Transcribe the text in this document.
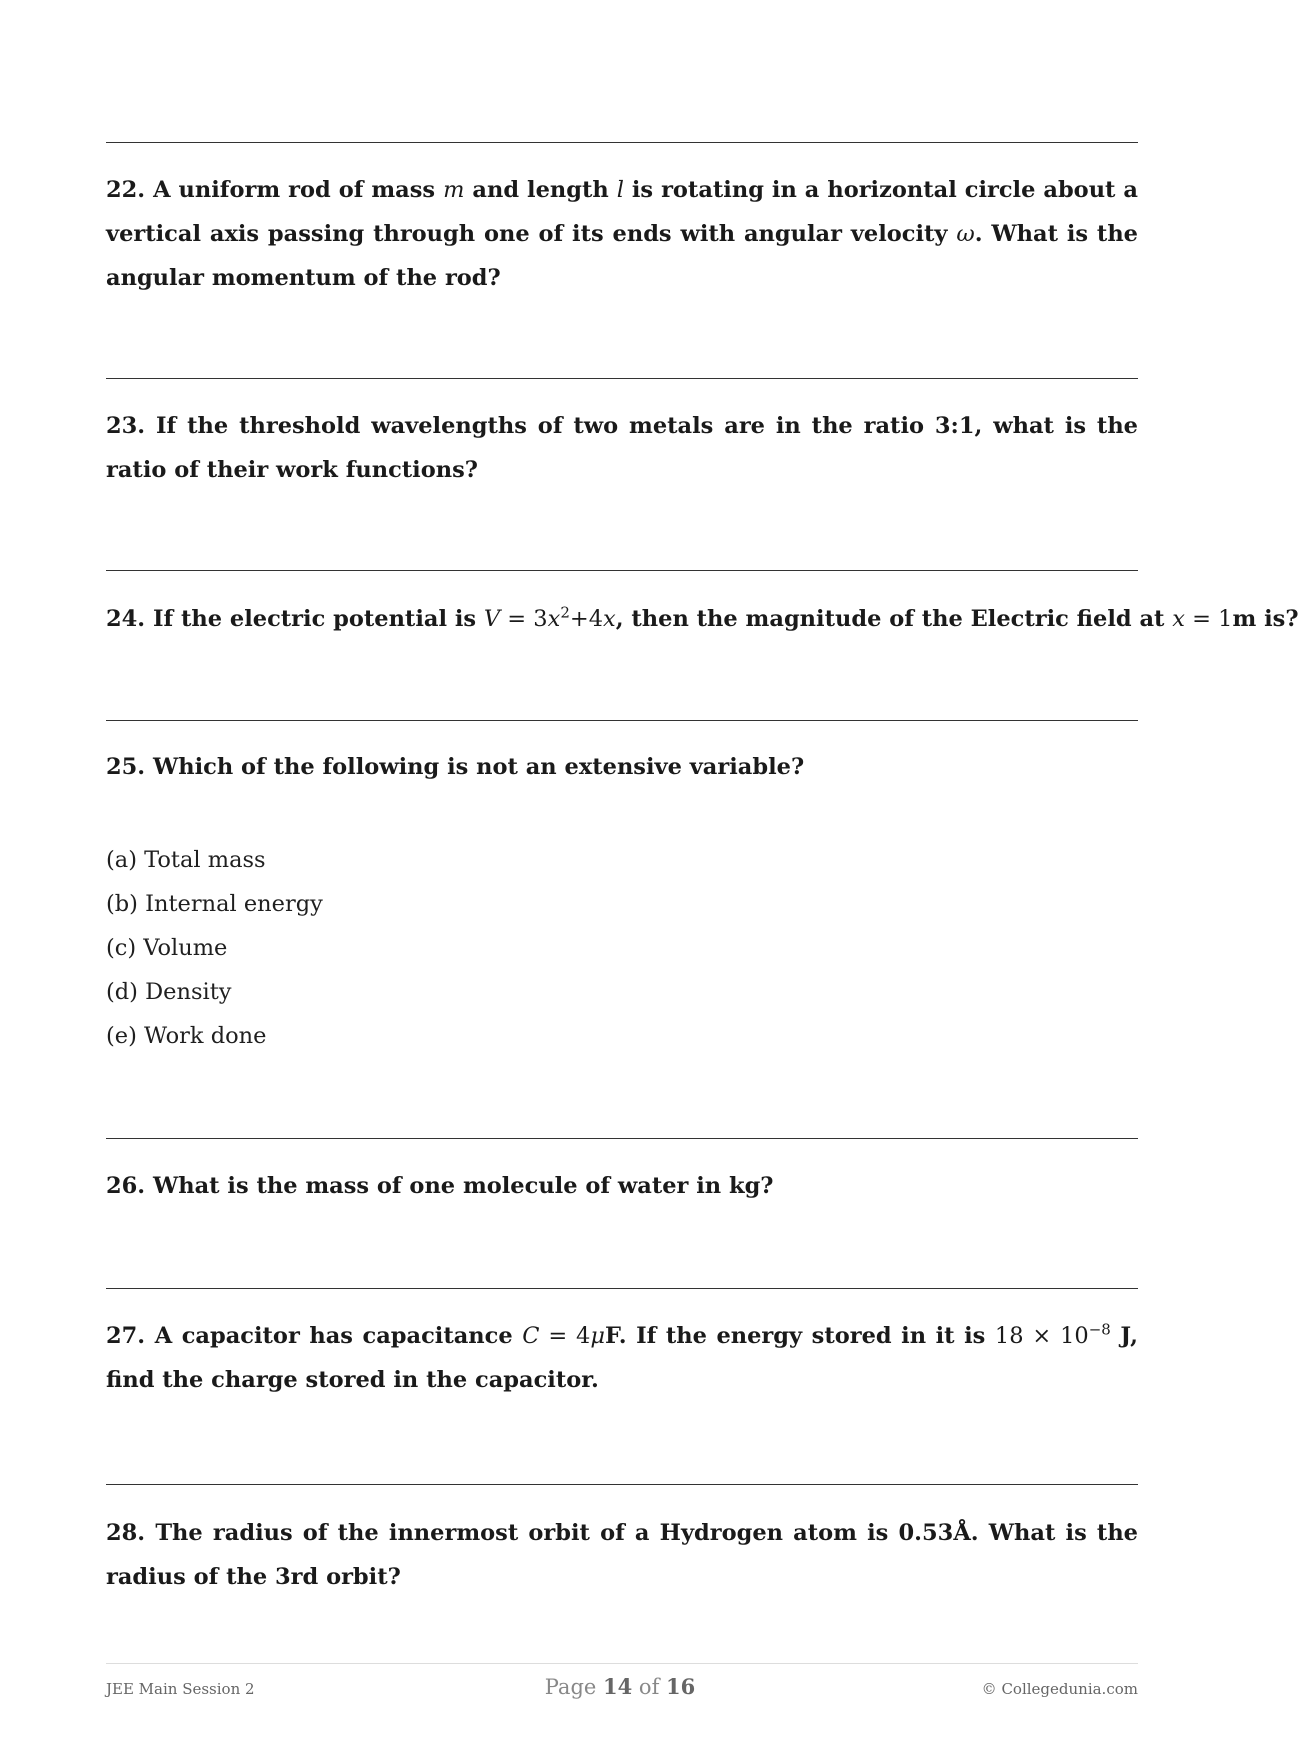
22. A uniform rod of mass m and length l is rotating in a horizontal circle about a vertical axis passing through one of its ends with angular velocity ω. What is the angular momentum of the rod?
23. If the threshold wavelengths of two metals are in the ratio 3:1, what is the ratio of their work functions?
24. If the electric potential is $V = 3x^2+4x$, then the magnitude of the Electric field at x = 1m is?
25. Which of the following is not an extensive variable?
(a) Total mass
(b) Internal energy
(c) Volume
(d) Density
(e) Work done
26. What is the mass of one molecule of water in kg?
27. A capacitor has capacitance C = 4μF. If the energy stored in it is $18 \times 10^{-8}$ J, find the charge stored in the capacitor.
28. The radius of the innermost orbit of a Hydrogen atom is 0.53Å. What is the radius of the 3rd orbit?
JEE Main Session 2	Page 14 of 16	© Collegedunia.com
